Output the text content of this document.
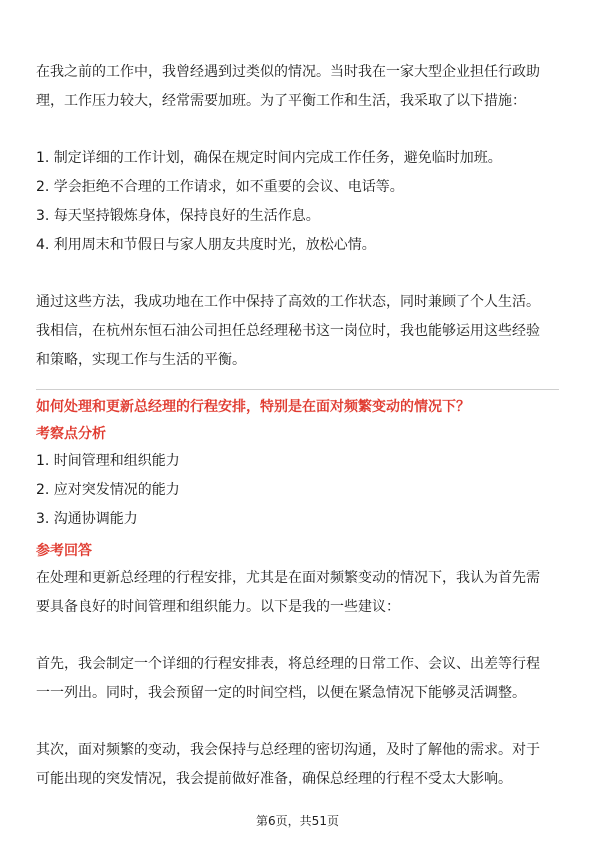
在我之前的工作中，我曾经遇到过类似的情况。当时我在一家大型企业担任行政助

理，工作压力较大，经常需要加班。为了平衡工作和生活，我采取了以下措施：

1. 制定详细的工作计划，确保在规定时间内完成工作任务，避免临时加班。

2. 学会拒绝不合理的工作请求，如不重要的会议、电话等。

3. 每天坚持锻炼身体，保持良好的生活作息。

4. 利用周末和节假日与家人朋友共度时光，放松心情。

通过这些方法，我成功地在工作中保持了高效的工作状态，同时兼顾了个人生活。

我相信，在杭州东恒石油公司担任总经理秘书这一岗位时，我也能够运用这些经验

和策略，实现工作与生活的平衡。

如何处理和更新总经理的行程安排，特别是在面对频繁变动的情况下？

考察点分析

1. 时间管理和组织能力

2. 应对突发情况的能力

3. 沟通协调能力

参考回答

在处理和更新总经理的行程安排，尤其是在面对频繁变动的情况下，我认为首先需

要具备良好的时间管理和组织能力。以下是我的一些建议：

首先，我会制定一个详细的行程安排表，将总经理的日常工作、会议、出差等行程

一一列出。同时，我会预留一定的时间空档，以便在紧急情况下能够灵活调整。

其次，面对频繁的变动，我会保持与总经理的密切沟通，及时了解他的需求。对于

可能出现的突发情况，我会提前做好准备，确保总经理的行程不受太大影响。

第6页，共51页
